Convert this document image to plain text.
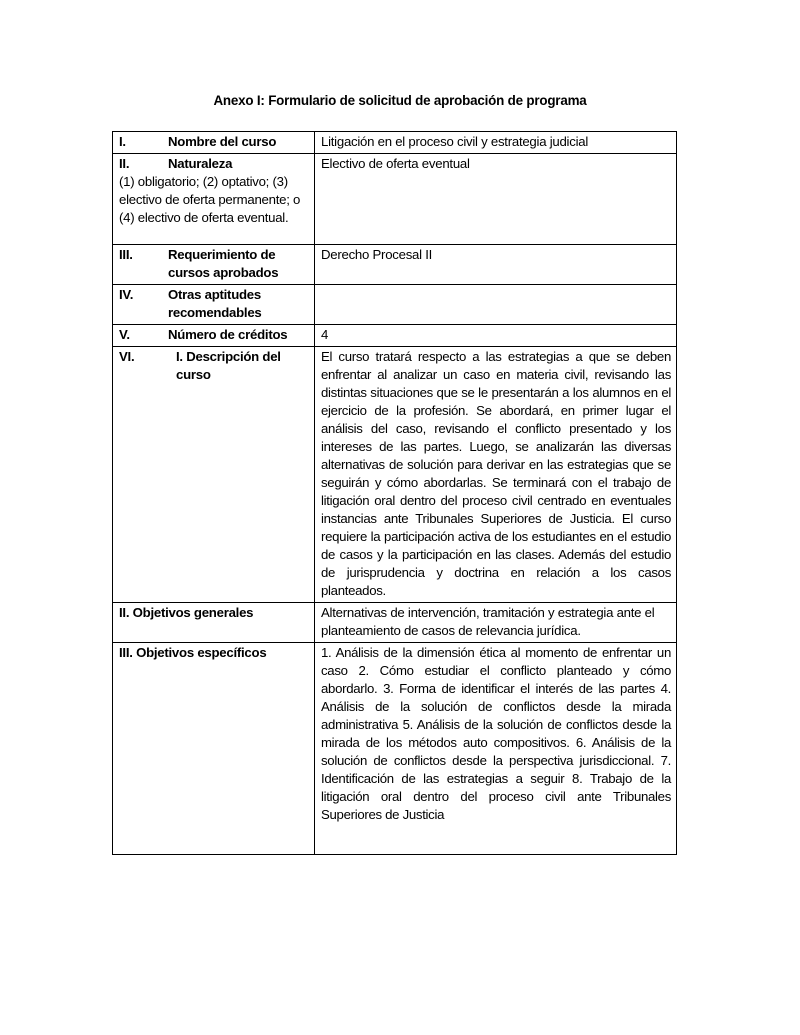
Anexo I: Formulario de solicitud de aprobación de programa
I. Nombre del curso	Litigación en el proceso civil y estrategia judicial

II. Naturaleza
(1) obligatorio; (2) optativo; (3) electivo de oferta permanente; o (4) electivo de oferta eventual.	Electivo de oferta eventual

III. Requerimiento de cursos aprobados	Derecho Procesal II

IV. Otras aptitudes recomendables	

V. Número de créditos	4

VI. I. Descripción del curso	El curso tratará respecto a las estrategias a que se deben enfrentar al analizar un caso en materia civil, revisando las distintas situaciones que se le presentarán a los alumnos en el ejercicio de la profesión. Se abordará, en primer lugar el análisis del caso, revisando el conflicto presentado y los intereses de las partes. Luego, se analizarán las diversas alternativas de solución para derivar en las estrategias que se seguirán y cómo abordarlas. Se terminará con el trabajo de litigación oral dentro del proceso civil centrado en eventuales instancias ante Tribunales Superiores de Justicia. El curso requiere la participación activa de los estudiantes en el estudio de casos y la participación en las clases. Además del estudio de jurisprudencia y doctrina en relación a los casos planteados.
II. Objetivos generales	Alternativas de intervención, tramitación y estrategia ante el planteamiento de casos de relevancia jurídica.
III. Objetivos específicos	1. Análisis de la dimensión ética al momento de enfrentar un caso 2. Cómo estudiar el conflicto planteado y cómo abordarlo. 3. Forma de identificar el interés de las partes 4. Análisis de la solución de conflictos desde la mirada administrativa 5. Análisis de la solución de conflictos desde la mirada de los métodos auto compositivos. 6. Análisis de la solución de conflictos desde la perspectiva jurisdiccional. 7. Identificación de las estrategias a seguir 8. Trabajo de la litigación oral dentro del proceso civil ante Tribunales Superiores de Justicia
